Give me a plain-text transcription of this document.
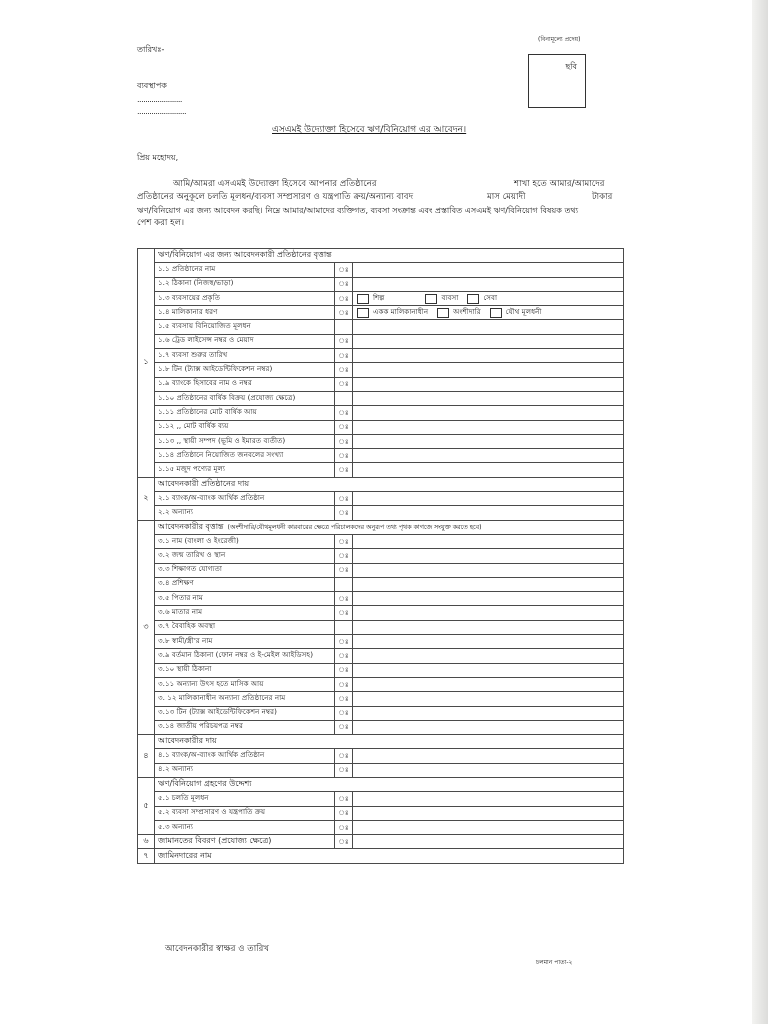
(বিনামূল্যে প্রদেয়)
তারিখঃ-
ব্যবস্থাপক
......................
........................
ছবি
এসএমই উদ্যোক্তা হিসেবে ঋণ/বিনিয়োগ এর আবেদন।
প্রিয় মহোদয়,
আমি/আমরা এসএমই উদ্যোক্তা হিসেবে আপনার প্রতিষ্ঠানের	শাখা হতে আমার/আমাদের
প্রতিষ্ঠানের অনুকূলে চলতি মূলধন/ব্যবসা সম্প্রসারণ ও যন্ত্রপাতি ক্রয়/অন্যান্য বাবদ	মাস মেয়াদী	টাকার
ঋণ/বিনিয়োগ এর জন্য আবেদন করছি। নিম্নে আমার/আমাদের ব্যক্তিগত, ব্যবসা সংক্রান্ত এবং প্রস্তাবিত এসএমই ঋণ/বিনিয়োগ বিষয়ক তথ্য
পেশ করা হল।
১	ঋণ/বিনিয়োগ এর জন্য আবেদনকারী প্রতিষ্ঠানের বৃত্তান্ত		
	১.১ প্রতিষ্ঠানের নাম	ঃ	
	১.২ ঠিকানা (নিজস্ব/ভাড়া)	ঃ	
	১.৩ ব্যবসায়ের প্রকৃতি	ঃ	শিল্প ব্যবসা সেবা
	১.৪ মালিকানার ধরণ	ঃ	একক মালিকানাধীন অংশীদারি যৌথ মূলধনী
	১.৫ ব্যবসায় বিনিয়োজিত মূলধন		
	১.৬ ট্রেড লাইসেন্স নম্বর ও মেয়াদ	ঃ	
	১.৭ ব্যবসা শুরুর তারিখ	ঃ	
	১.৮ টিন (ট্যাক্স আইডেন্টিফিকেশন নম্বর)	ঃ	
	১.৯ ব্যাংকে হিসাবের নাম ও নম্বর	ঃ	
	১.১০ প্রতিষ্ঠানের বার্ষিক বিক্রয় (প্রযোজ্য ক্ষেত্রে)		
	১.১১ প্রতিষ্ঠানের মোট বার্ষিক আয়	ঃ	
	১.১২ ,, মোট বার্ষিক ব্যয়	ঃ	
	১.১৩ ,, স্থায়ী সম্পদ (ভূমি ও ইমারত ব্যতীত)	ঃ	
	১.১৪ প্রতিষ্ঠানে নিয়োজিত জনবলের সংখ্যা	ঃ	
	১.১৫ মজুদ পণ্যের মূল্য	ঃ	
২	আবেদনকারী প্রতিষ্ঠানের দায়		
	২.১ ব্যাংক/অ-ব্যাংক আর্থিক প্রতিষ্ঠান	ঃ	
	২.২ অন্যান্য	ঃ	
৩	আবেদনকারীর বৃত্তান্ত (অংশীদারি/যৌথমূলধনী কারবারের ক্ষেত্রে পরিচালকদের অনুরূপ তথ্য পৃথক কাগজে সংযুক্ত করতে হবে)		
	৩.১ নাম (বাংলা ও ইংরেজী)	ঃ	
	৩.২ জন্ম তারিখ ও স্থান	ঃ	
	৩.৩ শিক্ষাগত যোগ্যতা	ঃ	
	৩.৪ প্রশিক্ষণ		
	৩.৫ পিতার নাম	ঃ	
	৩.৬ মাতার নাম	ঃ	
	৩.৭ বৈবাহিক অবস্থা		
	৩.৮ স্বামী/স্ত্রী'র নাম	ঃ	
	৩.৯ বর্তমান ঠিকানা (ফোন নম্বর ও ই-মেইল আইডিসহ)	ঃ	
	৩.১০ স্থায়ী ঠিকানা	ঃ	
	৩.১১ অন্যান্য উৎস হতে মাসিক আয়	ঃ	
	৩. ১২ মালিকানাধীন অন্যান্য প্রতিষ্ঠানের নাম	ঃ	
	৩.১৩ টিন (ট্যাক্স আইডেন্টিফিকেশন নম্বর)	ঃ	
	৩.১৪ জাতীয় পরিচয়পত্র নম্বর	ঃ	
৪	আবেদনকারীর দায়		
	৪.১ ব্যাংক/অ-ব্যাংক আর্থিক প্রতিষ্ঠান	ঃ	
	৪.২ অন্যান্য	ঃ	
৫	ঋণ/বিনিয়োগ গ্রহণের উদ্দেশ্য		
	৫.১ চলতি মূলধন	ঃ	
	৫.২ ব্যবসা সম্প্রসারণ ও যন্ত্রপাতি ক্রয়	ঃ	
	৫.৩ অন্যান্য	ঃ	
৬	জামানতের বিবরণ (প্রযোজ্য ক্ষেত্রে)	ঃ	
৭	জামিনদারের নাম		
আবেদনকারীর স্বাক্ষর ও তারিখ
চলমান পাতা-২
